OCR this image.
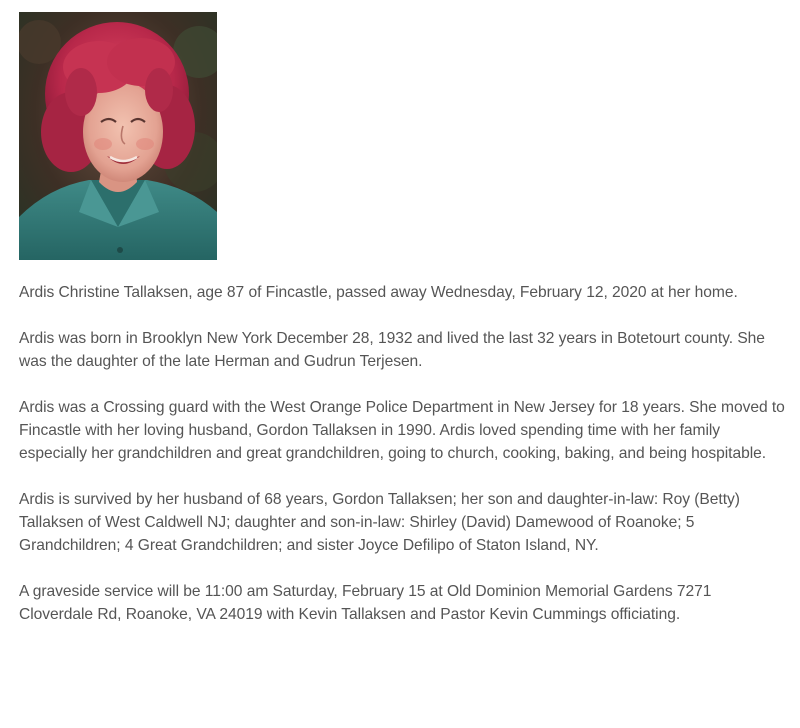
Ardis Christine Tallaksen, age 87 of Fincastle, passed away Wednesday, February 12, 2020 at her home.

Ardis was born in Brooklyn New York December 28, 1932 and lived the last 32 years in Botetourt county. She was the daughter of the late Herman and Gudrun Terjesen.

Ardis was a Crossing guard with the West Orange Police Department in New Jersey for 18 years. She moved to Fincastle with her loving husband, Gordon Tallaksen in 1990. Ardis loved spending time with her family especially her grandchildren and great grandchildren, going to church, cooking, baking, and being hospitable.

Ardis is survived by her husband of 68 years, Gordon Tallaksen; her son and daughter-in-law: Roy (Betty) Tallaksen of West Caldwell NJ; daughter and son-in-law: Shirley (David) Damewood of Roanoke; 5 Grandchildren; 4 Great Grandchildren; and sister Joyce Defilipo of Staton Island, NY.

A graveside service will be 11:00 am Saturday, February 15 at Old Dominion Memorial Gardens 7271 Cloverdale Rd, Roanoke, VA 24019 with Kevin Tallaksen and Pastor Kevin Cummings officiating.
